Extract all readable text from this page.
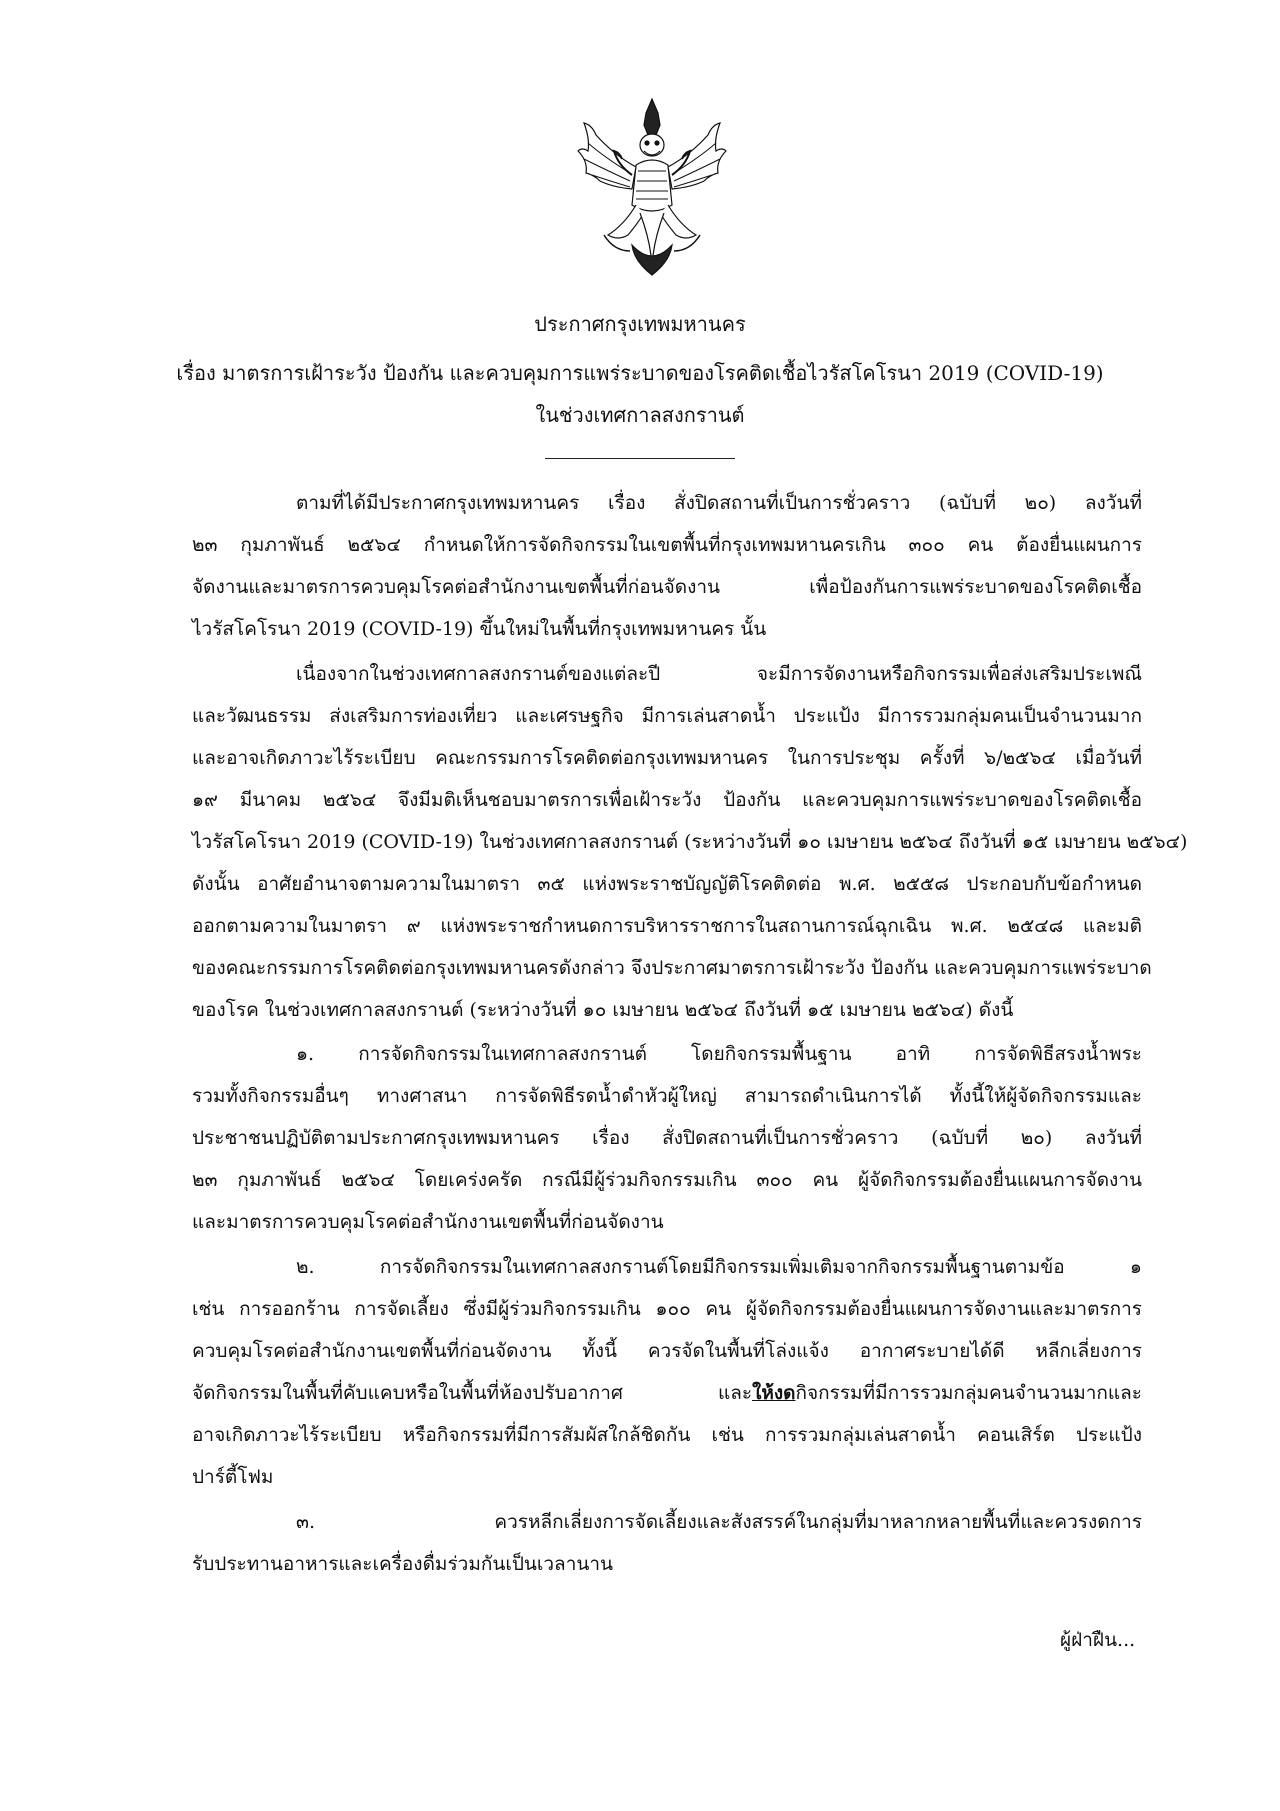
ประกาศกรุงเทพมหานคร
เรื่อง มาตรการเฝ้าระวัง ป้องกัน และควบคุมการแพร่ระบาดของโรคติดเชื้อไวรัสโคโรนา 2019 (COVID-19)
ในช่วงเทศกาลสงกรานต์
ตามที่ได้มีประกาศกรุงเทพมหานคร เรื่อง สั่งปิดสถานที่เป็นการชั่วคราว (ฉบับที่ ๒๐) ลงวันที่
๒๓ กุมภาพันธ์ ๒๕๖๔ กำหนดให้การจัดกิจกรรมในเขตพื้นที่กรุงเทพมหานครเกิน ๓๐๐ คน ต้องยื่นแผนการ
จัดงานและมาตรการควบคุมโรคต่อสำนักงานเขตพื้นที่ก่อนจัดงาน เพื่อป้องกันการแพร่ระบาดของโรคติดเชื้อ
ไวรัสโคโรนา 2019 (COVID-19) ขึ้นใหม่ในพื้นที่กรุงเทพมหานคร นั้น
เนื่องจากในช่วงเทศกาลสงกรานต์ของแต่ละปี จะมีการจัดงานหรือกิจกรรมเพื่อส่งเสริมประเพณี
และวัฒนธรรม ส่งเสริมการท่องเที่ยว และเศรษฐกิจ มีการเล่นสาดน้ำ ประแป้ง มีการรวมกลุ่มคนเป็นจำนวนมาก
และอาจเกิดภาวะไร้ระเบียบ คณะกรรมการโรคติดต่อกรุงเทพมหานคร ในการประชุม ครั้งที่ ๖/๒๕๖๔ เมื่อวันที่
๑๙ มีนาคม ๒๕๖๔ จึงมีมติเห็นชอบมาตรการเพื่อเฝ้าระวัง ป้องกัน และควบคุมการแพร่ระบาดของโรคติดเชื้อ
ไวรัสโคโรนา 2019 (COVID-19) ในช่วงเทศกาลสงกรานต์ (ระหว่างวันที่ ๑๐ เมษายน ๒๕๖๔ ถึงวันที่ ๑๕ เมษายน ๒๕๖๔)
ดังนั้น อาศัยอำนาจตามความในมาตรา ๓๕ แห่งพระราชบัญญัติโรคติดต่อ พ.ศ. ๒๕๕๘ ประกอบกับข้อกำหนด
ออกตามความในมาตรา ๙ แห่งพระราชกำหนดการบริหารราชการในสถานการณ์ฉุกเฉิน พ.ศ. ๒๕๔๘ และมติ
ของคณะกรรมการโรคติดต่อกรุงเทพมหานครดังกล่าว จึงประกาศมาตรการเฝ้าระวัง ป้องกัน และควบคุมการแพร่ระบาด
ของโรค ในช่วงเทศกาลสงกรานต์ (ระหว่างวันที่ ๑๐ เมษายน ๒๕๖๔ ถึงวันที่ ๑๕ เมษายน ๒๕๖๔) ดังนี้
๑. การจัดกิจกรรมในเทศกาลสงกรานต์ โดยกิจกรรมพื้นฐาน อาทิ การจัดพิธีสรงน้ำพระ
รวมทั้งกิจกรรมอื่นๆ ทางศาสนา การจัดพิธีรดน้ำดำหัวผู้ใหญ่ สามารถดำเนินการได้ ทั้งนี้ให้ผู้จัดกิจกรรมและ
ประชาชนปฏิบัติตามประกาศกรุงเทพมหานคร เรื่อง สั่งปิดสถานที่เป็นการชั่วคราว (ฉบับที่ ๒๐) ลงวันที่
๒๓ กุมภาพันธ์ ๒๕๖๔ โดยเคร่งครัด กรณีมีผู้ร่วมกิจกรรมเกิน ๓๐๐ คน ผู้จัดกิจกรรมต้องยื่นแผนการจัดงาน
และมาตรการควบคุมโรคต่อสำนักงานเขตพื้นที่ก่อนจัดงาน
๒. การจัดกิจกรรมในเทศกาลสงกรานต์โดยมีกิจกรรมเพิ่มเติมจากกิจกรรมพื้นฐานตามข้อ ๑
เช่น การออกร้าน การจัดเลี้ยง ซึ่งมีผู้ร่วมกิจกรรมเกิน ๑๐๐ คน ผู้จัดกิจกรรมต้องยื่นแผนการจัดงานและมาตรการ
ควบคุมโรคต่อสำนักงานเขตพื้นที่ก่อนจัดงาน ทั้งนี้ ควรจัดในพื้นที่โล่งแจ้ง อากาศระบายได้ดี หลีกเลี่ยงการ
จัดกิจกรรมในพื้นที่คับแคบหรือในพื้นที่ห้องปรับอากาศ และให้งดกิจกรรมที่มีการรวมกลุ่มคนจำนวนมากและ
อาจเกิดภาวะไร้ระเบียบ หรือกิจกรรมที่มีการสัมผัสใกล้ชิดกัน เช่น การรวมกลุ่มเล่นสาดน้ำ คอนเสิร์ต ประแป้ง
ปาร์ตี้โฟม
๓. ควรหลีกเลี่ยงการจัดเลี้ยงและสังสรรค์ในกลุ่มที่มาหลากหลายพื้นที่และควรงดการ
รับประทานอาหารและเครื่องดื่มร่วมกันเป็นเวลานาน
ผู้ฝ่าฝืน...
